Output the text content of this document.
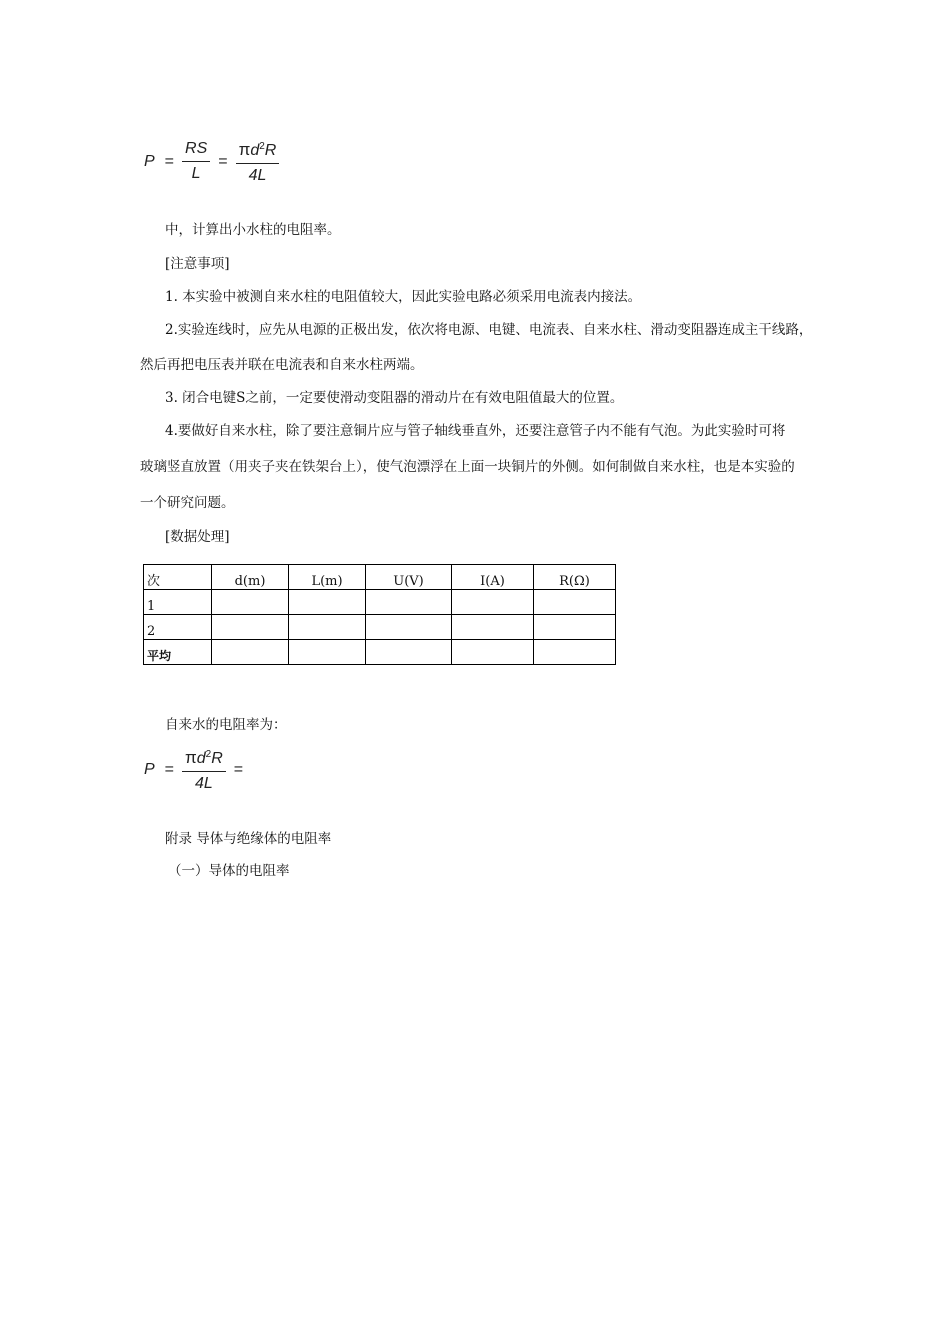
$P = \frac{RS}{L} = \frac{\pi d^2R}{4L}$
中，计算出小水柱的电阻率。
[注意事项]
1. 本实验中被测自来水柱的电阻值较大，因此实验电路必须采用电流表内接法。
2.实验连线时，应先从电源的正极出发，依次将电源、电键、电流表、自来水柱、滑动变阻器连成主干线路，
然后再把电压表并联在电流表和自来水柱两端。
3. 闭合电键S之前，一定要使滑动变阻器的滑动片在有效电阻值最大的位置。
4.要做好自来水柱，除了要注意铜片应与管子轴线垂直外，还要注意管子内不能有气泡。为此实验时可将
玻璃竖直放置（用夹子夹在铁架台上），使气泡漂浮在上面一块铜片的外侧。如何制做自来水柱，也是本实验的
一个研究问题。
[数据处理]
次	d(m)	L(m)	U(V)	I(A)	R(Ω)
1					
2					
平均					
自来水的电阻率为：
$P = \frac{\pi d^2R}{4L}$ =
附录 导体与绝缘体的电阻率
（一）导体的电阻率
